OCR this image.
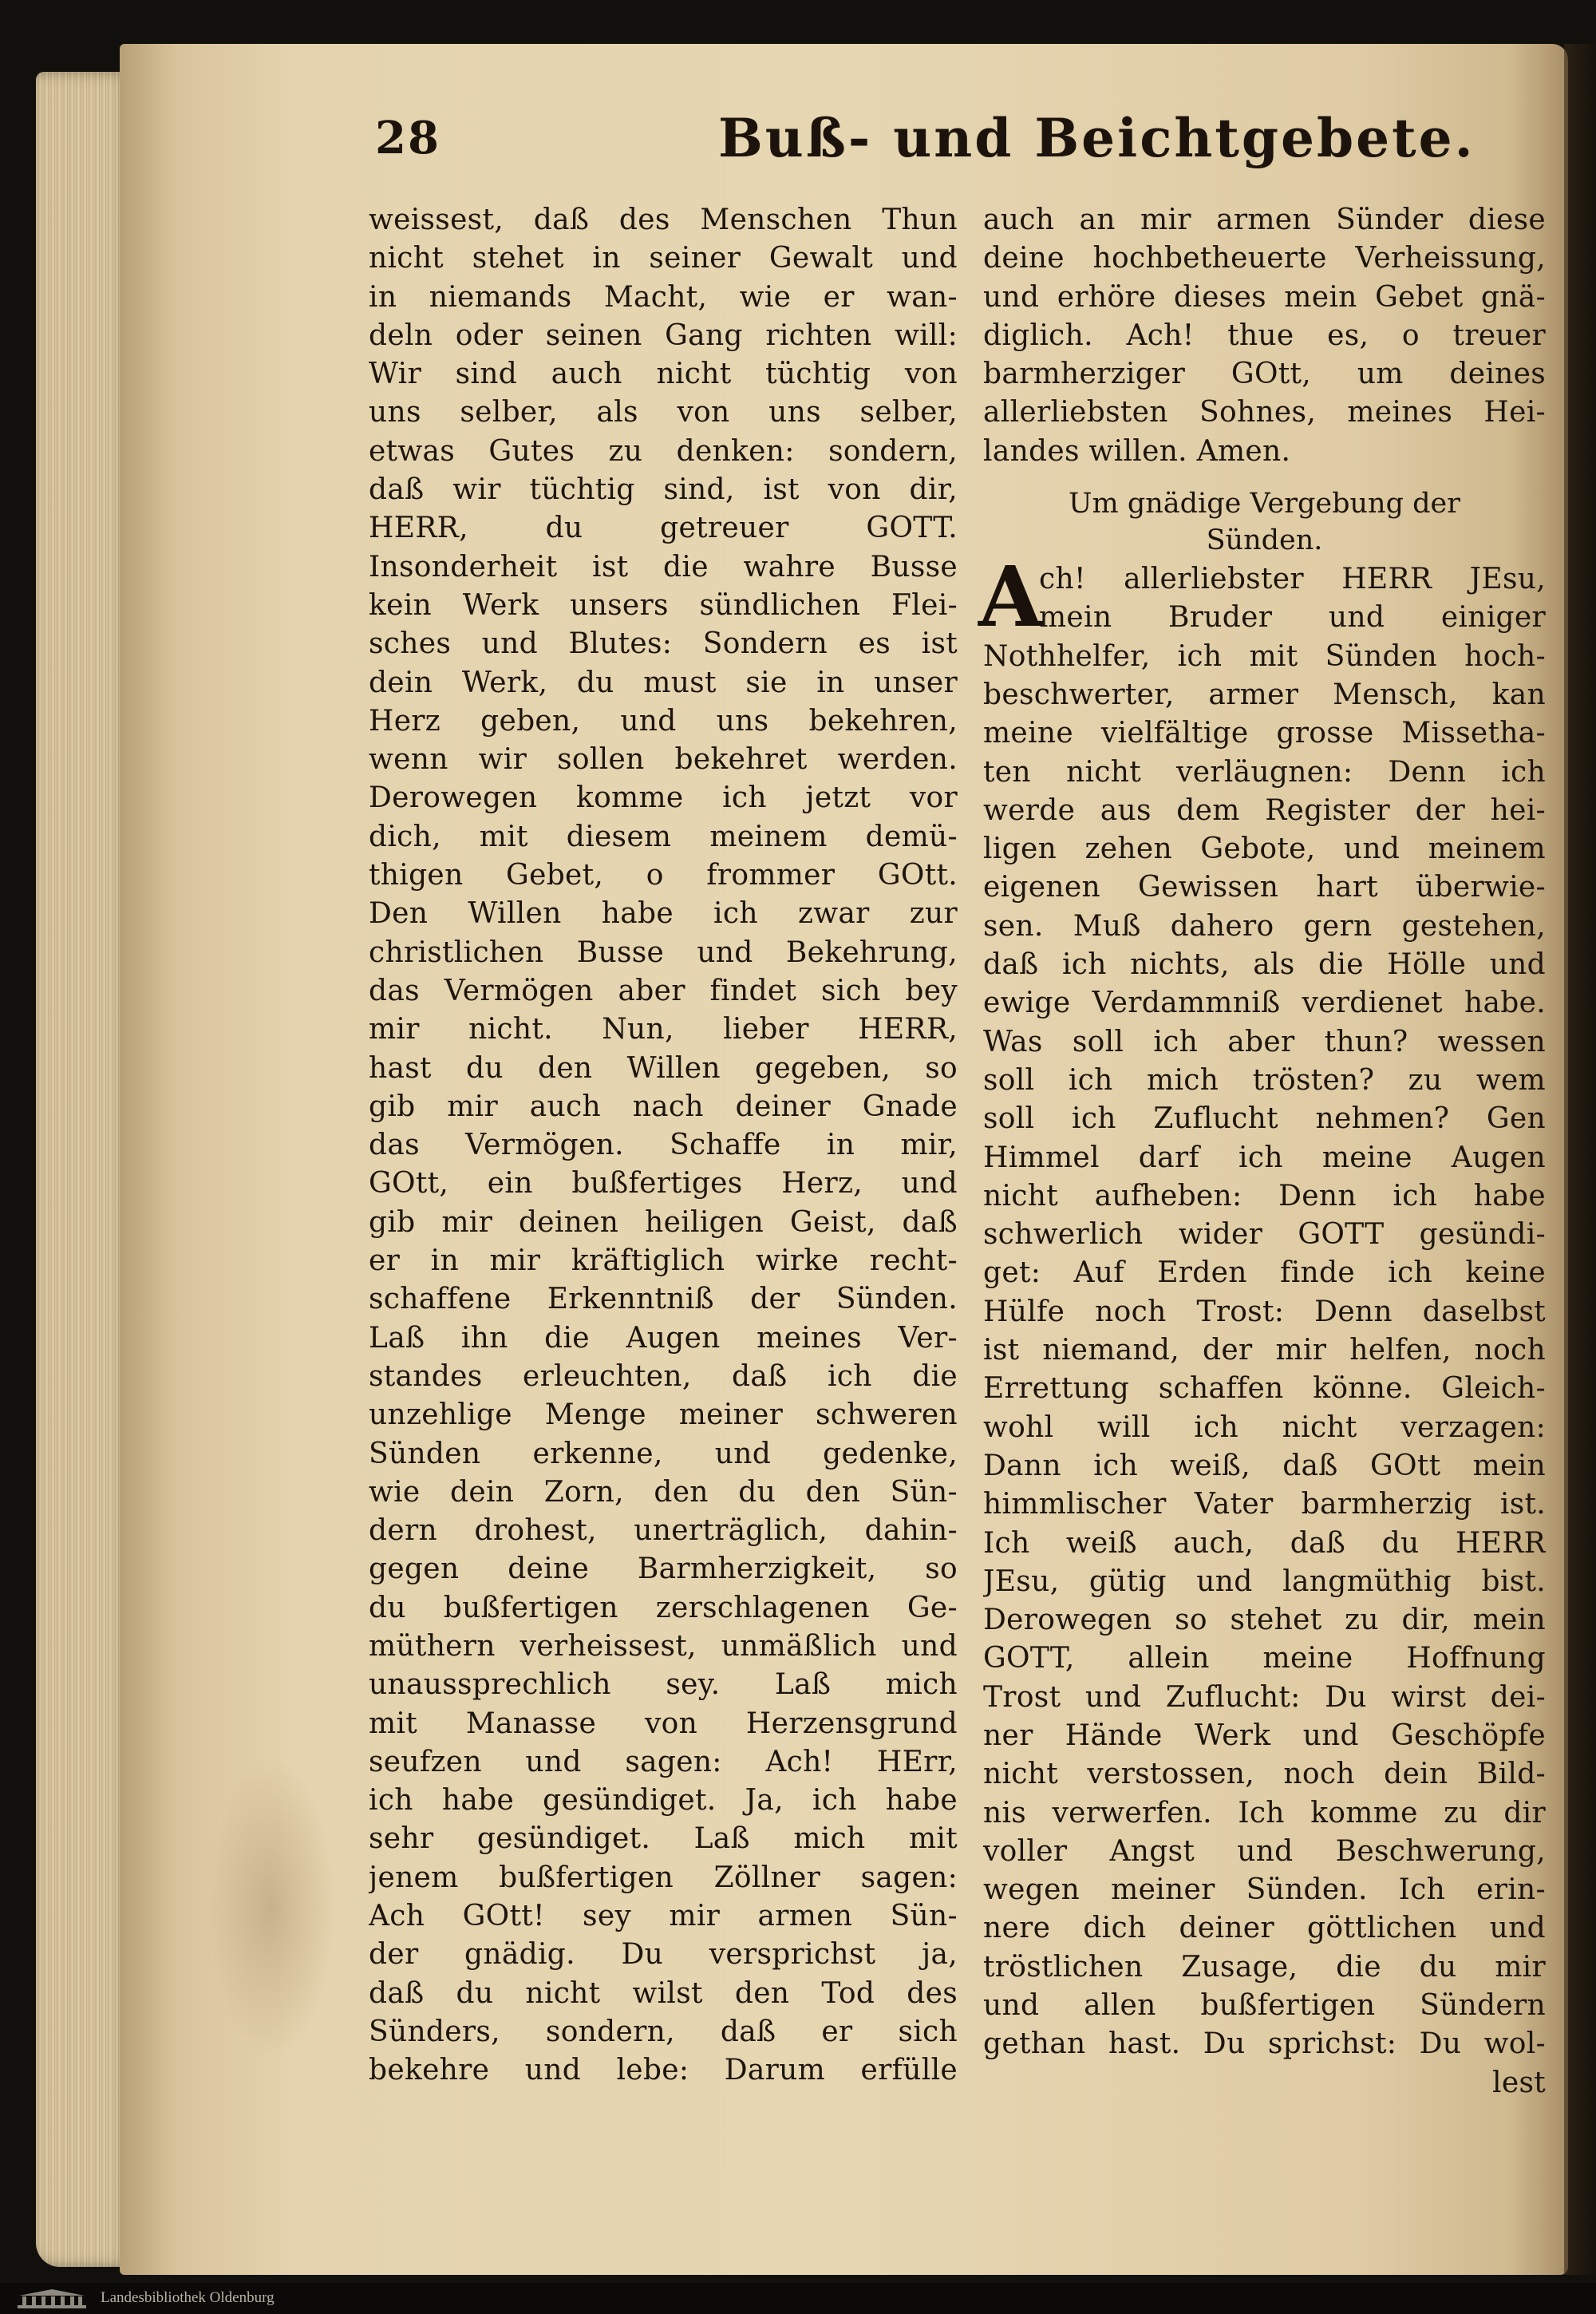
28	Buß- und Beichtgebete.
weissest, daß des Menschen Thun
nicht stehet in seiner Gewalt und
in niemands Macht, wie er wan-
deln oder seinen Gang richten will:
Wir sind auch nicht tüchtig von
uns selber, als von uns selber,
etwas Gutes zu denken: sondern,
daß wir tüchtig sind, ist von dir,
HERR, du getreuer GOTT.
Insonderheit ist die wahre Busse
kein Werk unsers sündlichen Flei-
sches und Blutes: Sondern es ist
dein Werk, du must sie in unser
Herz geben, und uns bekehren,
wenn wir sollen bekehret werden.
Derowegen komme ich jetzt vor
dich, mit diesem meinem demü-
thigen Gebet, o frommer GOtt.
Den Willen habe ich zwar zur
christlichen Busse und Bekehrung,
das Vermögen aber findet sich bey
mir nicht. Nun, lieber HERR,
hast du den Willen gegeben, so
gib mir auch nach deiner Gnade
das Vermögen. Schaffe in mir,
GOtt, ein bußfertiges Herz, und
gib mir deinen heiligen Geist, daß
er in mir kräftiglich wirke recht-
schaffene Erkenntniß der Sünden.
Laß ihn die Augen meines Ver-
standes erleuchten, daß ich die
unzehlige Menge meiner schweren
Sünden erkenne, und gedenke,
wie dein Zorn, den du den Sün-
dern drohest, unerträglich, dahin-
gegen deine Barmherzigkeit, so
du bußfertigen zerschlagenen Ge-
müthern verheissest, unmäßlich und
unaussprechlich sey. Laß mich
mit Manasse von Herzensgrund
seufzen und sagen: Ach! HErr,
ich habe gesündiget. Ja, ich habe
sehr gesündiget. Laß mich mit
jenem bußfertigen Zöllner sagen:
Ach GOtt! sey mir armen Sün-
der gnädig. Du versprichst ja,
daß du nicht wilst den Tod des
Sünders, sondern, daß er sich
bekehre und lebe: Darum erfülle
auch an mir armen Sünder diese
deine hochbetheuerte Verheissung,
und erhöre dieses mein Gebet gnä-
diglich. Ach! thue es, o treuer
barmherziger GOtt, um deines
allerliebsten Sohnes, meines Hei-
landes willen. Amen.
Um gnädige Vergebung der
Sünden.
A
ch! allerliebster HERR JEsu,
mein Bruder und einiger
Nothhelfer, ich mit Sünden hoch-
beschwerter, armer Mensch, kan
meine vielfältige grosse Missetha-
ten nicht verläugnen: Denn ich
werde aus dem Register der hei-
ligen zehen Gebote, und meinem
eigenen Gewissen hart überwie-
sen. Muß dahero gern gestehen,
daß ich nichts, als die Hölle und
ewige Verdammniß verdienet habe.
Was soll ich aber thun? wessen
soll ich mich trösten? zu wem
soll ich Zuflucht nehmen? Gen
Himmel darf ich meine Augen
nicht aufheben: Denn ich habe
schwerlich wider GOTT gesündi-
get: Auf Erden finde ich keine
Hülfe noch Trost: Denn daselbst
ist niemand, der mir helfen, noch
Errettung schaffen könne. Gleich-
wohl will ich nicht verzagen:
Dann ich weiß, daß GOtt mein
himmlischer Vater barmherzig ist.
Ich weiß auch, daß du HERR
JEsu, gütig und langmüthig bist.
Derowegen so stehet zu dir, mein
GOTT, allein meine Hoffnung
Trost und Zuflucht: Du wirst dei-
ner Hände Werk und Geschöpfe
nicht verstossen, noch dein Bild-
nis verwerfen. Ich komme zu dir
voller Angst und Beschwerung,
wegen meiner Sünden. Ich erin-
nere dich deiner göttlichen und
tröstlichen Zusage, die du mir
und allen bußfertigen Sündern
gethan hast. Du sprichst: Du wol-
lest
Landesbibliothek Oldenburg
